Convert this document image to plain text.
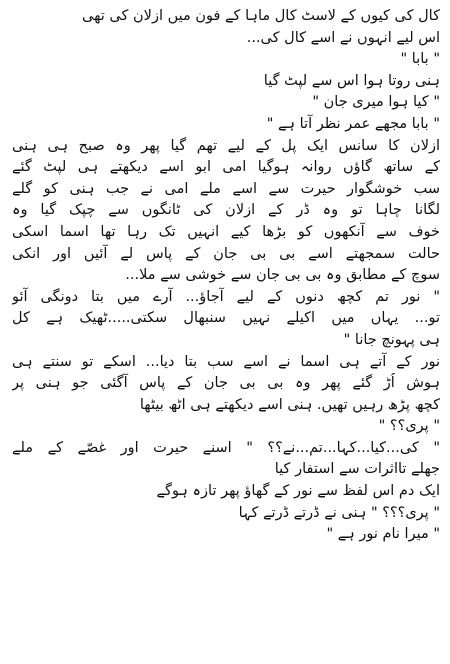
کال کی کیوں کے لاسٹ کال ماہا کے فون میں ازلان کی تھی
اس لیے انہوں نے اسے کال کی...
" بابا "
ہنی روتا ہوا اس سے لپٹ گیا
" کیا ہوا میری جان "
" بابا مجھے عمر نظر آتا ہے "
ازلان کا سانس ایک پل کے لیے تھم گیا پھر وہ صبح ہی ہنی
کے ساتھ گاؤں روانہ ہوگیا امی ابو اسے دیکھتے ہی لپٹ گئے
سب خوشگوار حیرت سے اسے ملے امی نے جب ہنی کو گلے
لگانا چاہا تو وہ ڈر کے ازلان کی ٹانگوں سے چپک گیا وہ
خوف سے آنکھوں کو بڑھا کیے انہیں تک رہا تھا اسما اسکی
حالت سمجھتے اسے بی بی جان کے پاس لے آئیں اور انکی
سوچ کے مطابق وہ بی بی جان سے خوشی سے ملا...
" نور تم کچھ دنوں کے لیے آجاؤ... آرے میں بتا دونگی آئو
تو... یہاں میں اکیلے نہیں سنبھال سکتی.....ٹھیک ہے کل
ہی پہونچ جانا "
نور کے آتے ہی اسما نے اسے سب بتا دیا... اسکے تو سنتے ہی
ہوش اُڑ گئے پھر وہ بی بی جان کے پاس آگئی جو ہنی پر
کچھ پڑھ رہیں تھیں. ہنی اسے دیکھتے ہی اٹھ بیٹھا
" پری؟؟ "
" کی...کیا...کہا...تم...نے؟؟ " اسنے حیرت اور غصّے کے ملے
جھلے تااثرات سے استفار کیا
ایک دم اس لفظ سے نور کے گھاؤ پھر تازہ ہوگے
" پری؟؟؟ " ہنی نے ڈرتے ڈرتے کہا
" میرا نام نور ہے "
